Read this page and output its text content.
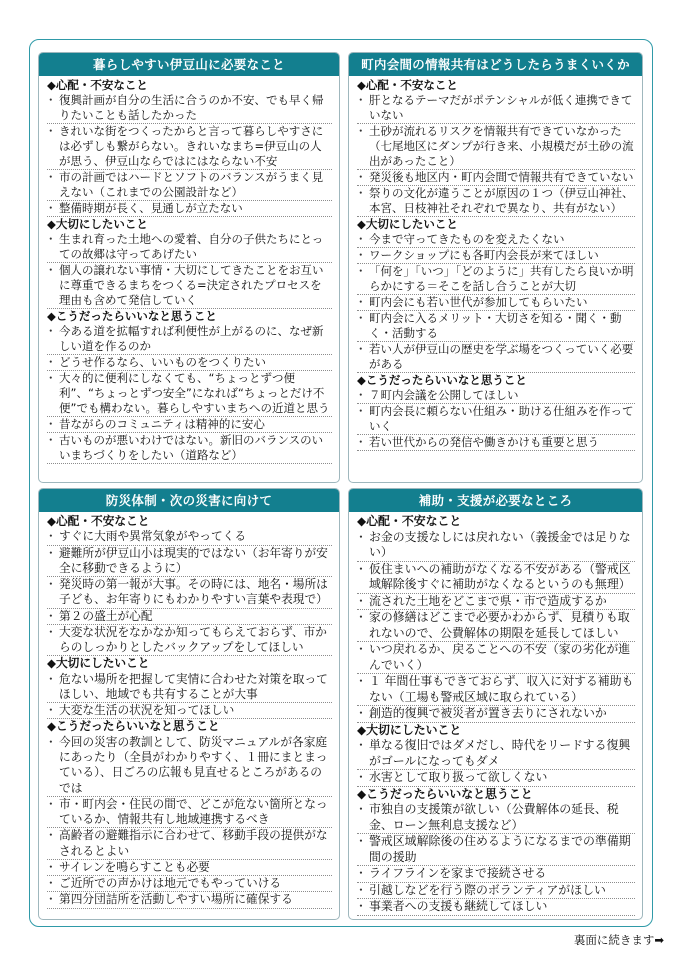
暮らしやすい伊豆山に必要なこと
◆心配・不安なこと
・ 復興計画が自分の生活に合うのか不安、でも早く帰りたいことも話したかった
・ きれいな街をつくったからと言って暮らしやすさには必ずしも繋がらない。きれいなまち=伊豆山の人が思う、伊豆山ならではにはならない不安
・ 市の計画ではハードとソフトのバランスがうまく見えない（これまでの公園設計など）
・ 整備時期が長く、見通しが立たない
◆大切にしたいこと
・ 生まれ育った土地への愛着、自分の子供たちにとっての故郷は守ってあげたい
・ 個人の譲れない事情・大切にしてきたことをお互いに尊重できるまちをつくる=決定されたプロセスを理由も含めて発信していく
◆こうだったらいいなと思うこと
・ 今ある道を拡幅すれば利便性が上がるのに、なぜ新しい道を作るのか
・ どうせ作るなら、いいものをつくりたい
・ 大々的に便利にしなくても、“ちょっとずつ便利”、“ちょっとずつ安全”になれば“ちょっとだけ不便”でも構わない。暮らしやすいまちへの近道と思う
・ 昔ながらのコミュニティは精神的に安心
・ 古いものが悪いわけではない。新旧のバランスのいいまちづくりをしたい（道路など）
町内会間の情報共有はどうしたらうまくいくか
◆心配・不安なこと
・ 肝となるテーマだがポテンシャルが低く連携できていない
・ 土砂が流れるリスクを情報共有できていなかった（七尾地区にダンプが行き来、小規模だが土砂の流出があったこと）
・ 発災後も地区内・町内会間で情報共有できていない
・ 祭りの文化が違うことが原因の１つ（伊豆山神社、本宮、日枝神社それぞれで異なり、共有がない）
◆大切にしたいこと
・ 今まで守ってきたものを変えたくない
・ ワークショップにも各町内会長が来てほしい
・ 「何を」「いつ」「どのように」共有したら良いか明らかにする＝そこを話し合うことが大切
・ 町内会にも若い世代が参加してもらいたい
・ 町内会に入るメリット・大切さを知る・聞く・動く・活動する
・ 若い人が伊豆山の歴史を学ぶ場をつくっていく必要がある
◆こうだったらいいなと思うこと
・ ７町内会議を公開してほしい
・ 町内会長に頼らない仕組み・助ける仕組みを作っていく
・ 若い世代からの発信や働きかけも重要と思う
防災体制・次の災害に向けて
◆心配・不安なこと
・ すぐに大雨や異常気象がやってくる
・ 避難所が伊豆山小は現実的ではない（お年寄りが安全に移動できるように）
・ 発災時の第一報が大事。その時には、地名・場所は子ども、お年寄りにもわかりやすい言葉や表現で）
・ 第２の盛土が心配
・ 大変な状況をなかなか知ってもらえておらず、市からのしっかりとしたバックアップをしてほしい
◆大切にしたいこと
・ 危ない場所を把握して実情に合わせた対策を取ってほしい、地域でも共有することが大事
・ 大変な生活の状況を知ってほしい
◆こうだったらいいなと思うこと
・ 今回の災害の教訓として、防災マニュアルが各家庭にあったり（全員がわかりやすく、１冊にまとまっている）、日ごろの広報も見直せるところがあるのでは
・ 市・町内会・住民の間で、どこが危ない箇所となっているか、情報共有し地域連携するべき
・ 高齢者の避難指示に合わせて、移動手段の提供がなされるとよい
・ サイレンを鳴らすことも必要
・ ご近所での声かけは地元でもやっていける
・ 第四分団詰所を活動しやすい場所に確保する
補助・支援が必要なところ
◆心配・不安なこと
・ お金の支援なしには戻れない（義援金では足りない）
・ 仮住まいへの補助がなくなる不安がある（警戒区域解除後すぐに補助がなくなるというのも無理）
・ 流された土地をどこまで県・市で造成するか
・ 家の修繕はどこまで必要かわからず、見積りも取れないので、公費解体の期限を延長してほしい
・ いつ戻れるか、戻ることへの不安（家の劣化が進んでいく）
・ １ 年間仕事もできておらず、収入に対する補助もない（工場も警戒区域に取られている）
・ 創造的復興で被災者が置き去りにされないか
◆大切にしたいこと
・ 単なる復旧ではダメだし、時代をリードする復興がゴールになってもダメ
・ 水害として取り扱って欲しくない
◆こうだったらいいなと思うこと
・ 市独自の支援策が欲しい（公費解体の延長、税金、ローン無利息支援など）
・ 警戒区域解除後の住めるようになるまでの準備期間の援助
・ ライフラインを家まで接続させる
・ 引越しなどを行う際のボランティアがほしい
・ 事業者への支援も継続してほしい
裏面に続きます➡
